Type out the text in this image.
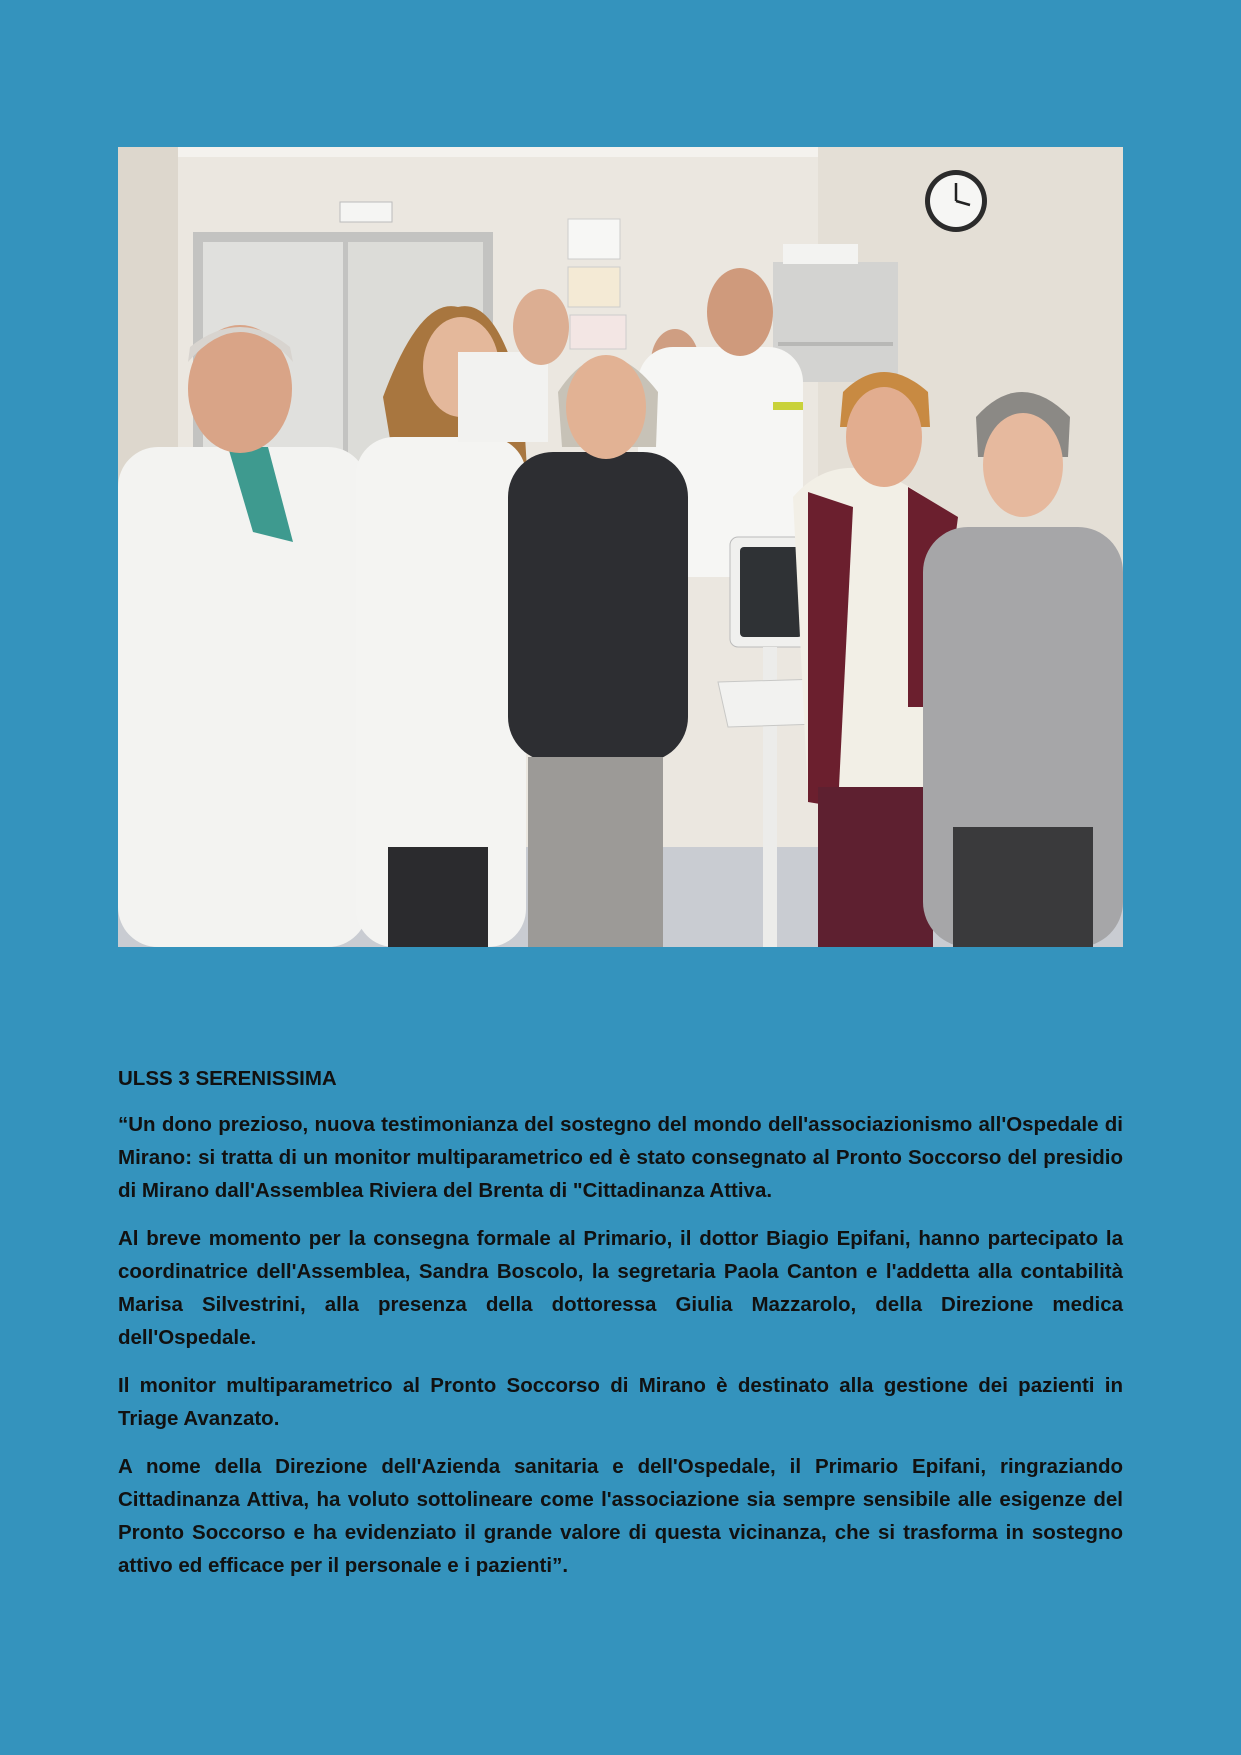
ULSS 3 SERENISSIMA

“Un dono prezioso, nuova testimonianza del sostegno del mondo dell'associazionismo all'Ospedale di Mirano: si tratta di un monitor multiparametrico ed è stato consegnato al Pronto Soccorso del presidio di Mirano dall'Assemblea Riviera del Brenta di "Cittadinanza Attiva.

Al breve momento per la consegna formale al Primario, il dottor Biagio Epifani, hanno partecipato la coordinatrice dell'Assemblea, Sandra Boscolo, la segretaria Paola Canton e l'addetta alla contabilità Marisa Silvestrini, alla presenza della dottoressa Giulia Mazzarolo, della Direzione medica dell'Ospedale.

Il monitor multiparametrico al Pronto Soccorso di Mirano è destinato alla gestione dei pazienti in Triage Avanzato.

A nome della Direzione dell'Azienda sanitaria e dell'Ospedale, il Primario Epifani, ringraziando Cittadinanza Attiva, ha voluto sottolineare come l'associazione sia sempre sensibile alle esigenze del Pronto Soccorso e ha evidenziato il grande valore di questa vicinanza, che si trasforma in sostegno attivo ed efficace per il personale e i pazienti”.
